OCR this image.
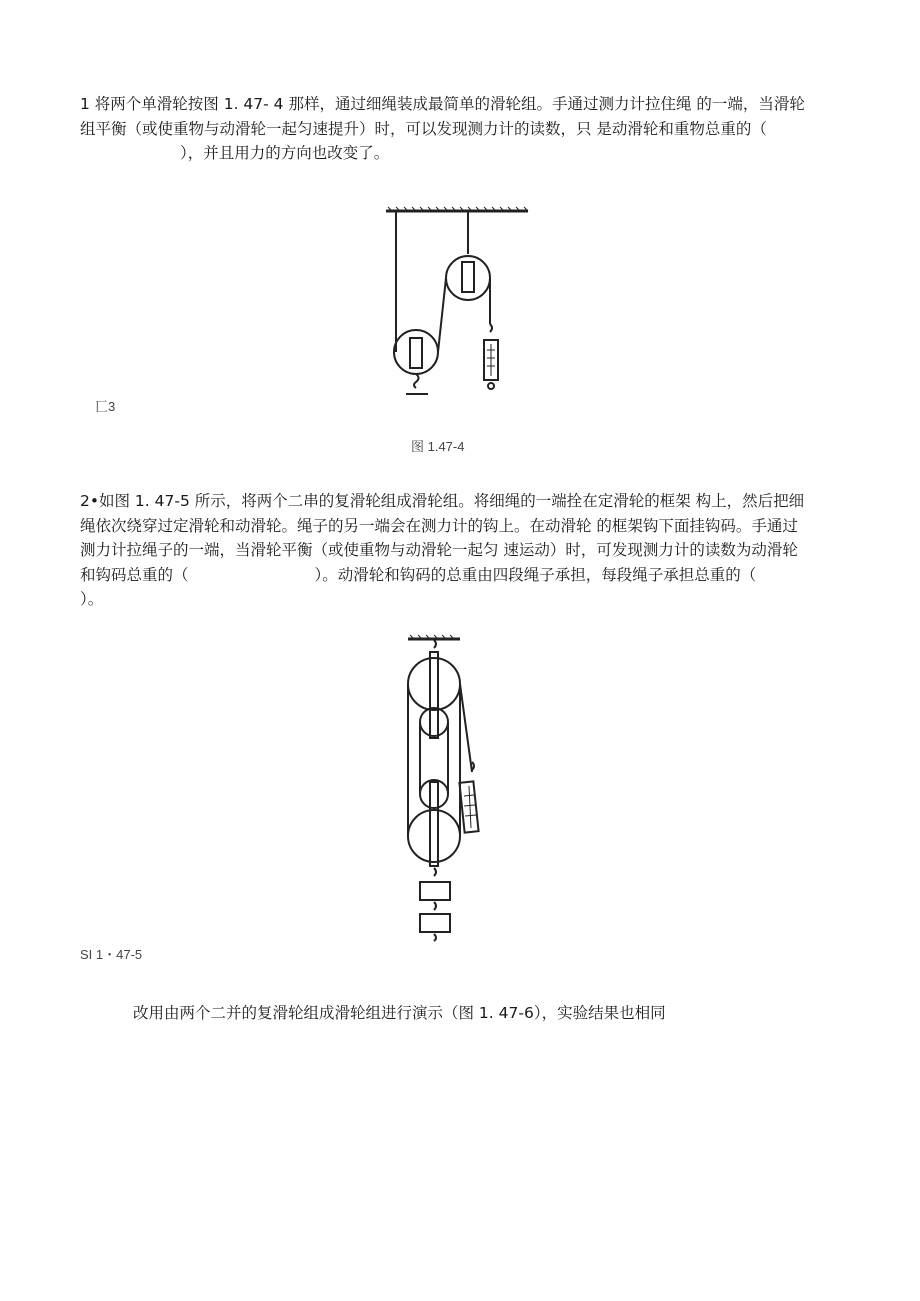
1 将两个单滑轮按图 1. 47- 4 那样，通过细绳装成最简单的滑轮组。手通过测力计拉住绳 的一端，当滑轮组平衡（或使重物与动滑轮一起匀速提升）时，可以发现测力计的读数，只 是动滑轮和重物总重的（），并且用力的方向也改变了。

匸3
图 1.47-4

2•如图 1. 47-5 所示，将两个二串的复滑轮组成滑轮组。将细绳的一端拴在定滑轮的框架 构上，然后把细绳依次绕穿过定滑轮和动滑轮。绳子的另一端会在测力计的钩上。在动滑轮 的框架钩下面挂钩码。手通过测力计拉绳子的一端，当滑轮平衡（或使重物与动滑轮一起匀 速运动）时，可发现测力计的读数为动滑轮和钩码总重的（	）。动滑轮和钩码的总重由四段绳子承担，每段绳子承担总重的（）。

SI 1・47-5

改用由两个二并的复滑轮组成滑轮组进行演示（图 1. 47-6），实验结果也相同
